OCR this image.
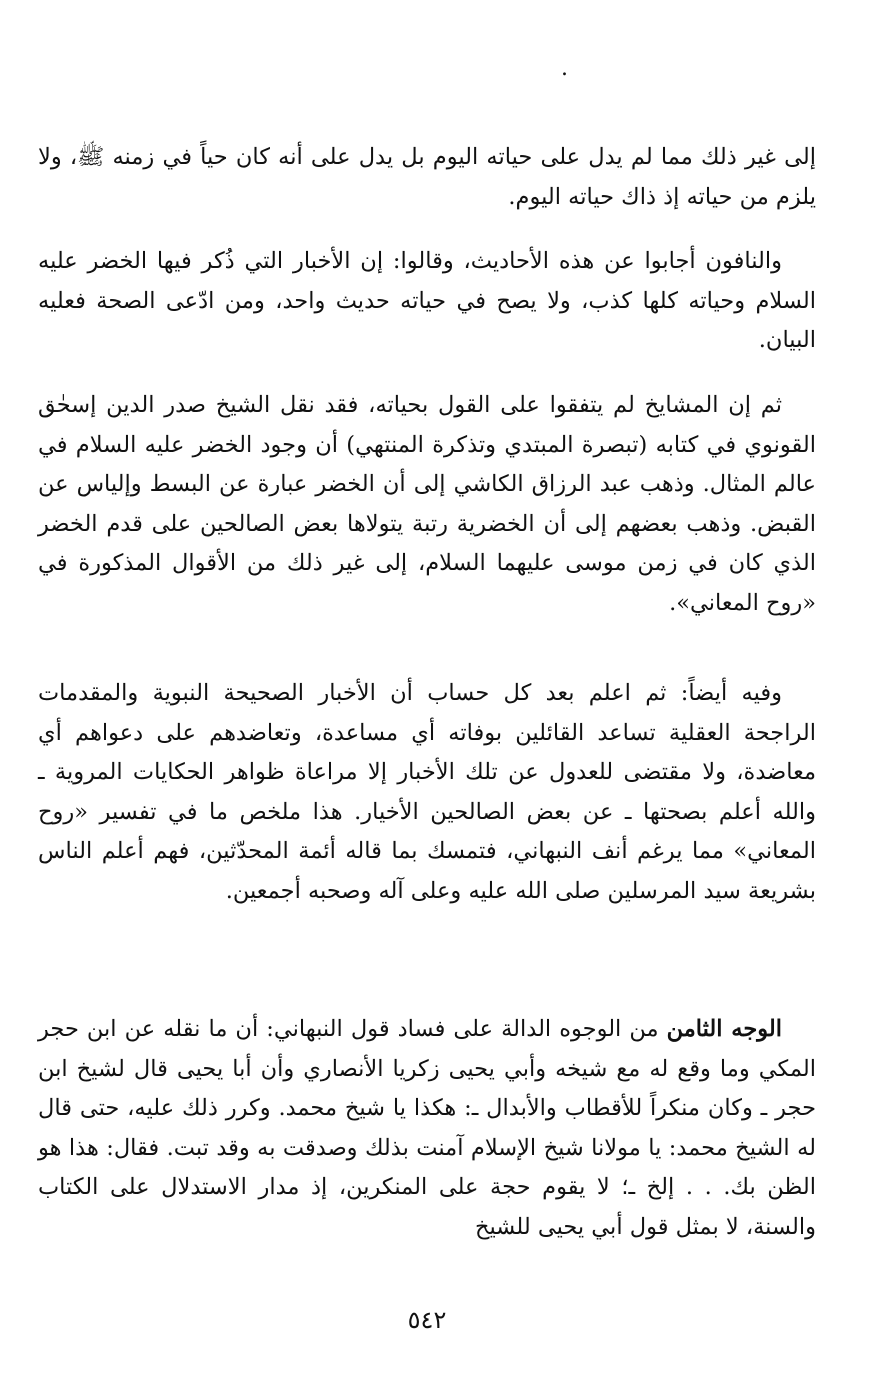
.

إلى غير ذلك مما لم يدل على حياته اليوم بل يدل على أنه كان حياً في زمنه ﷺ، ولا يلزم من حياته إذ ذاك حياته اليوم.

والنافون أجابوا عن هذه الأحاديث، وقالوا: إن الأخبار التي ذُكر فيها الخضر عليه السلام وحياته كلها كذب، ولا يصح في حياته حديث واحد، ومن ادّعى الصحة فعليه البيان.

ثم إن المشايخ لم يتفقوا على القول بحياته، فقد نقل الشيخ صدر الدين إسحٰق القونوي في كتابه (تبصرة المبتدي وتذكرة المنتهي) أن وجود الخضر عليه السلام في عالم المثال. وذهب عبد الرزاق الكاشي إلى أن الخضر عبارة عن البسط وإلياس عن القبض. وذهب بعضهم إلى أن الخضرية رتبة يتولاها بعض الصالحين على قدم الخضر الذي كان في زمن موسى عليهما السلام، إلى غير ذلك من الأقوال المذكورة في «روح المعاني».

وفيه أيضاً: ثم اعلم بعد كل حساب أن الأخبار الصحيحة النبوية والمقدمات الراجحة العقلية تساعد القائلين بوفاته أي مساعدة، وتعاضدهم على دعواهم أي معاضدة، ولا مقتضى للعدول عن تلك الأخبار إلا مراعاة ظواهر الحكايات المروية ـ والله أعلم بصحتها ـ عن بعض الصالحين الأخيار. هذا ملخص ما في تفسير «روح المعاني» مما يرغم أنف النبهاني، فتمسك بما قاله أئمة المحدّثين، فهم أعلم الناس بشريعة سيد المرسلين صلى الله عليه وعلى آله وصحبه أجمعين.

الوجه الثامن من الوجوه الدالة على فساد قول النبهاني: أن ما نقله عن ابن حجر المكي وما وقع له مع شيخه وأبي يحيى زكريا الأنصاري وأن أبا يحيى قال لشيخ ابن حجر ـ وكان منكراً للأقطاب والأبدال ـ: هكذا يا شيخ محمد. وكرر ذلك عليه، حتى قال له الشيخ محمد: يا مولانا شيخ الإسلام آمنت بذلك وصدقت به وقد تبت. فقال: هذا هو الظن بك. . . إلخ ـ؛ لا يقوم حجة على المنكرين، إذ مدار الاستدلال على الكتاب والسنة، لا بمثل قول أبي يحيى للشيخ

٥٤٢
